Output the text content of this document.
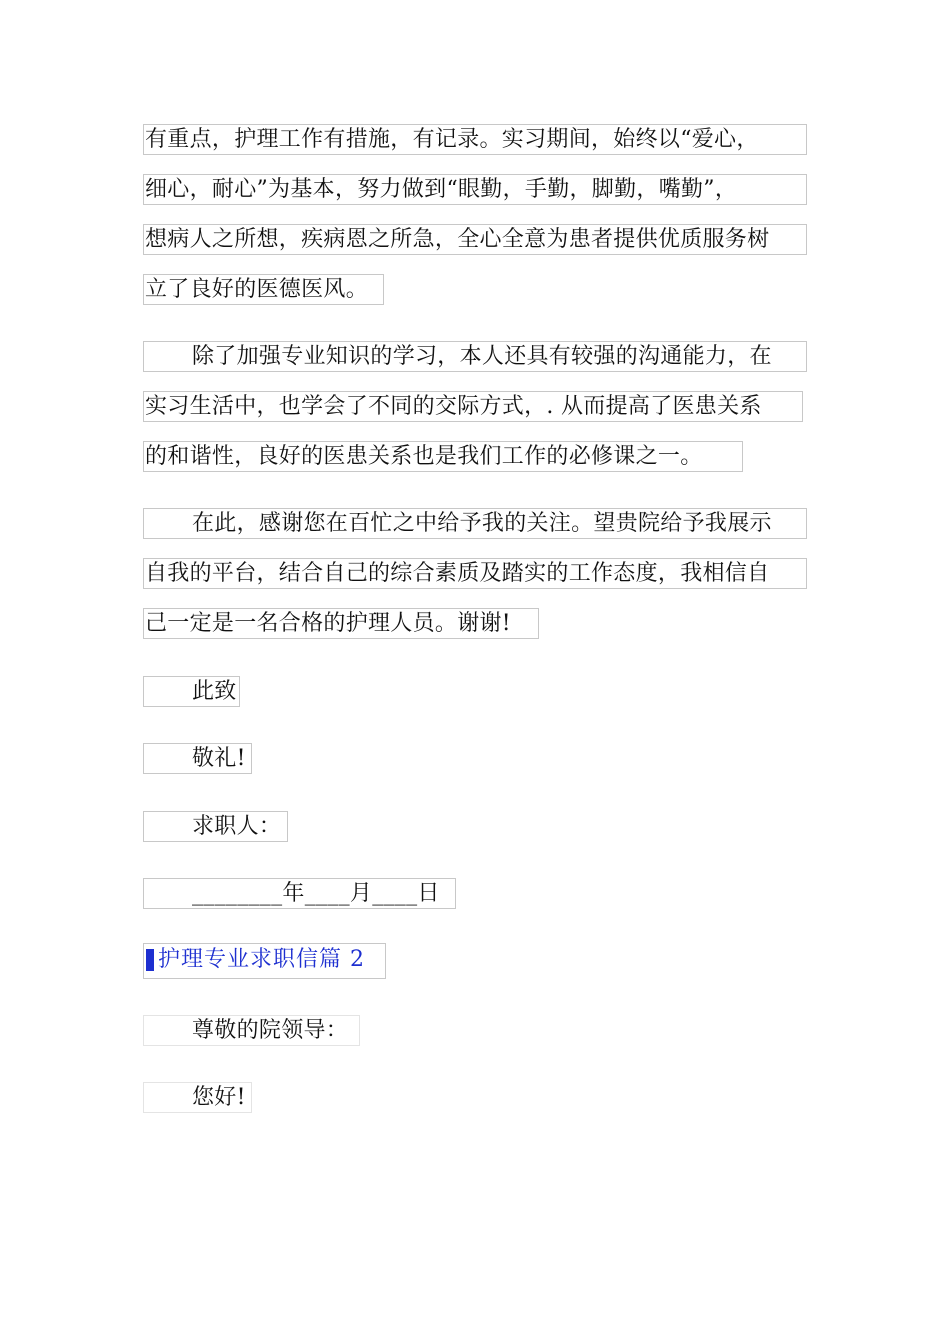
有重点，护理工作有措施，有记录。实习期间，始终以“爱心，
细心，耐心”为基本，努力做到“眼勤，手勤，脚勤，嘴勤”，
想病人之所想，疾病恩之所急，全心全意为患者提供优质服务树
立了良好的医德医风。
除了加强专业知识的学习，本人还具有较强的沟通能力，在
实习生活中，也学会了不同的交际方式，. 从而提高了医患关系
的和谐性，良好的医患关系也是我们工作的必修课之一。
在此，感谢您在百忙之中给予我的关注。望贵院给予我展示
自我的平台，结合自己的综合素质及踏实的工作态度，我相信自
己一定是一名合格的护理人员。谢谢!
此致
敬礼!
求职人：
________年____月____日
护理专业求职信篇 2
尊敬的院领导：
您好!
